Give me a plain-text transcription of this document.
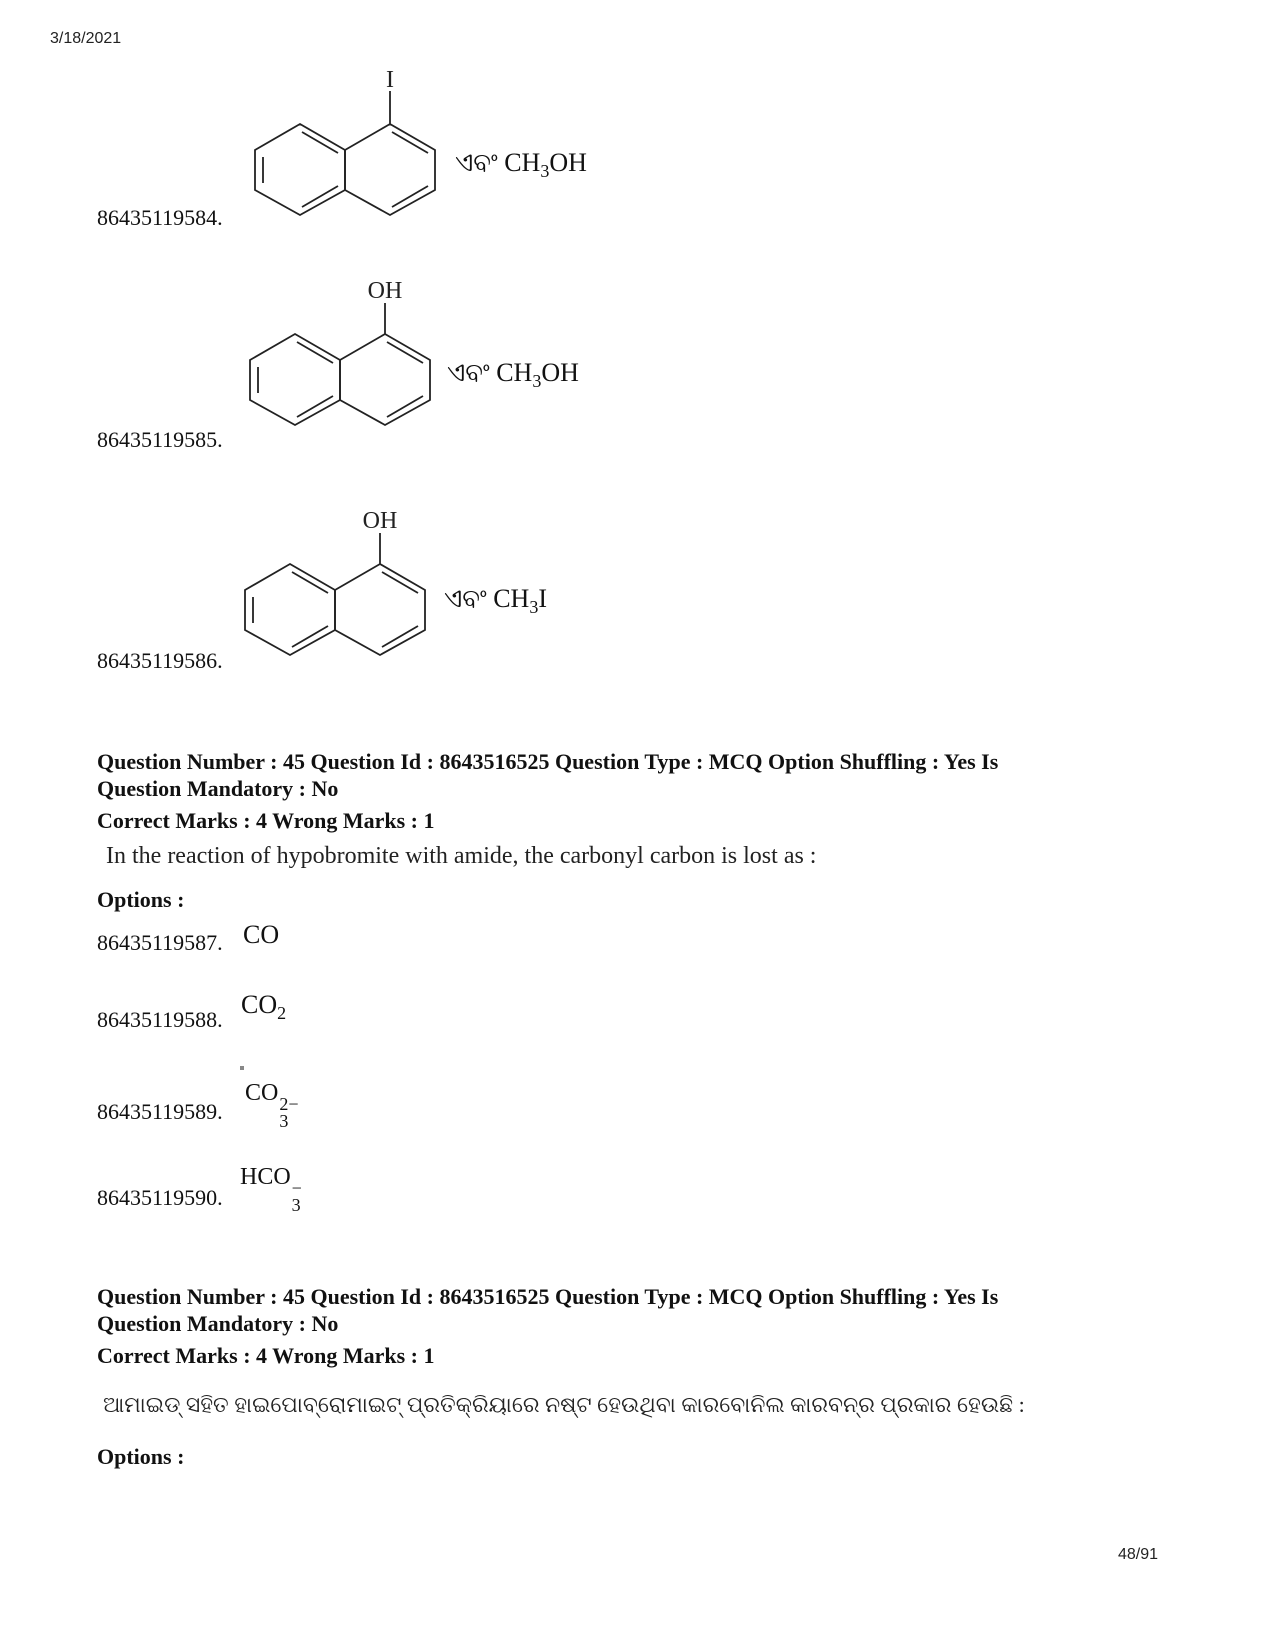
3/18/2021
48/91
86435119584.
I
ଏବଂ $CH_3OH$
86435119585.
OH
ଏବଂ $CH_3OH$
86435119586.
OH
ଏବଂ $CH_3I$
Question Number : 45 Question Id : 8643516525 Question Type : MCQ Option Shuffling : Yes Is
Question Mandatory : No
Correct Marks : 4 Wrong Marks : 1
In the reaction of hypobromite with amide, the carbonyl carbon is lost as :
Options :
86435119587. CO
86435119588.
$CO_2$
86435119589.
CO 2−
3
86435119590.
HCO −
3
Question Number : 45 Question Id : 8643516525 Question Type : MCQ Option Shuffling : Yes Is
Question Mandatory : No
Correct Marks : 4 Wrong Marks : 1
ଆମାଇଡ୍ ସହିତ ହାଇପୋବ୍ରୋମାଇଟ୍ ପ୍ରତିକ୍ରିୟାରେ ନଷ୍ଟ ହେଉଥିବା କାରବୋନିଲ କାରବନ୍‌ର ପ୍ରକାର ହେଉଛି :
Options :
